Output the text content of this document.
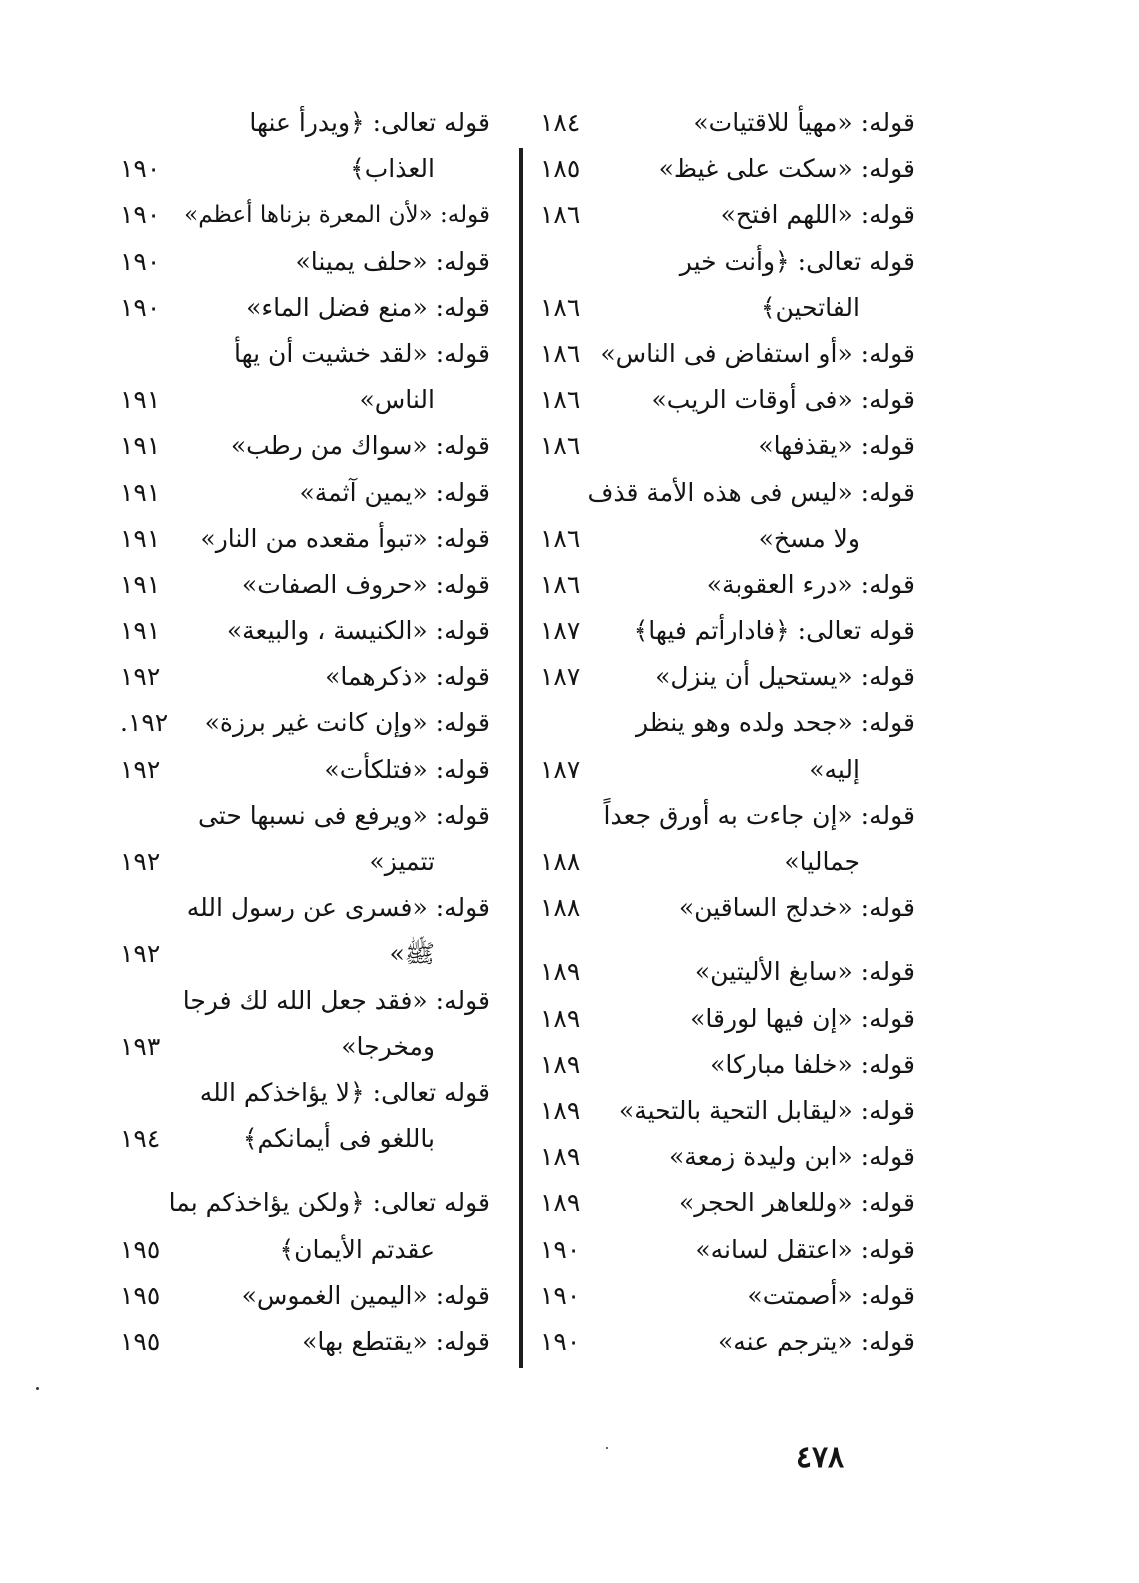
قوله: «مهيأ للاقتيات»
١٨٤
قوله: «سكت على غيظ»
١٨٥
قوله: «اللهم افتح»
١٨٦
قوله تعالى: ﴿وأنت خير
الفاتحين﴾
١٨٦
قوله: «أو استفاض فى الناس»
١٨٦
قوله: «فى أوقات الريب»
١٨٦
قوله: «يقذفها»
١٨٦
قوله: «ليس فى هذه الأمة قذف
ولا مسخ»
١٨٦
قوله: «درء العقوبة»
١٨٦
قوله تعالى: ﴿فادارأتم فيها﴾
١٨٧
قوله: «يستحيل أن ينزل»
١٨٧
قوله: «جحد ولده وهو ينظر
إليه»
١٨٧
قوله: «إن جاءت به أورق جعداً
جماليا»
١٨٨
قوله: «خدلج الساقين»
١٨٨
قوله: «سابغ الأليتين»
١٨٩
قوله: «إن فيها لورقا»
١٨٩
قوله: «خلفا مباركا»
١٨٩
قوله: «ليقابل التحية بالتحية»
١٨٩
قوله: «ابن وليدة زمعة»
١٨٩
قوله: «وللعاهر الحجر»
١٨٩
قوله: «اعتقل لسانه»
١٩٠
قوله: «أصمتت»
١٩٠
قوله: «يترجم عنه»
١٩٠
قوله تعالى: ﴿ويدرأ عنها
العذاب﴾
١٩٠
قوله: «لأن المعرة بزناها أعظم»
١٩٠
قوله: «حلف يمينا»
١٩٠
قوله: «منع فضل الماء»
١٩٠
قوله: «لقد خشيت أن يهأ
الناس»
١٩١
قوله: «سواك من رطب»
١٩١
قوله: «يمين آثمة»
١٩١
قوله: «تبوأ مقعده من النار»
١٩١
قوله: «حروف الصفات»
١٩١
قوله: «الكنيسة ، والبيعة»
١٩١
قوله: «ذكرهما»
١٩٢
قوله: «وإن كانت غير برزة»
١٩٢.
قوله: «فتلكأت»
١٩٢
قوله: «ويرفع فى نسبها حتى
تتميز»
١٩٢
قوله: «فسرى عن رسول الله
ﷺ»
١٩٢
قوله: «فقد جعل الله لك فرجا
ومخرجا»
١٩٣
قوله تعالى: ﴿لا يؤاخذكم الله
باللغو فى أيمانكم﴾
١٩٤
قوله تعالى: ﴿ولكن يؤاخذكم بما
عقدتم الأيمان﴾
١٩٥
قوله: «اليمين الغموس»
١٩٥
قوله: «يقتطع بها»
١٩٥
٤٧٨
